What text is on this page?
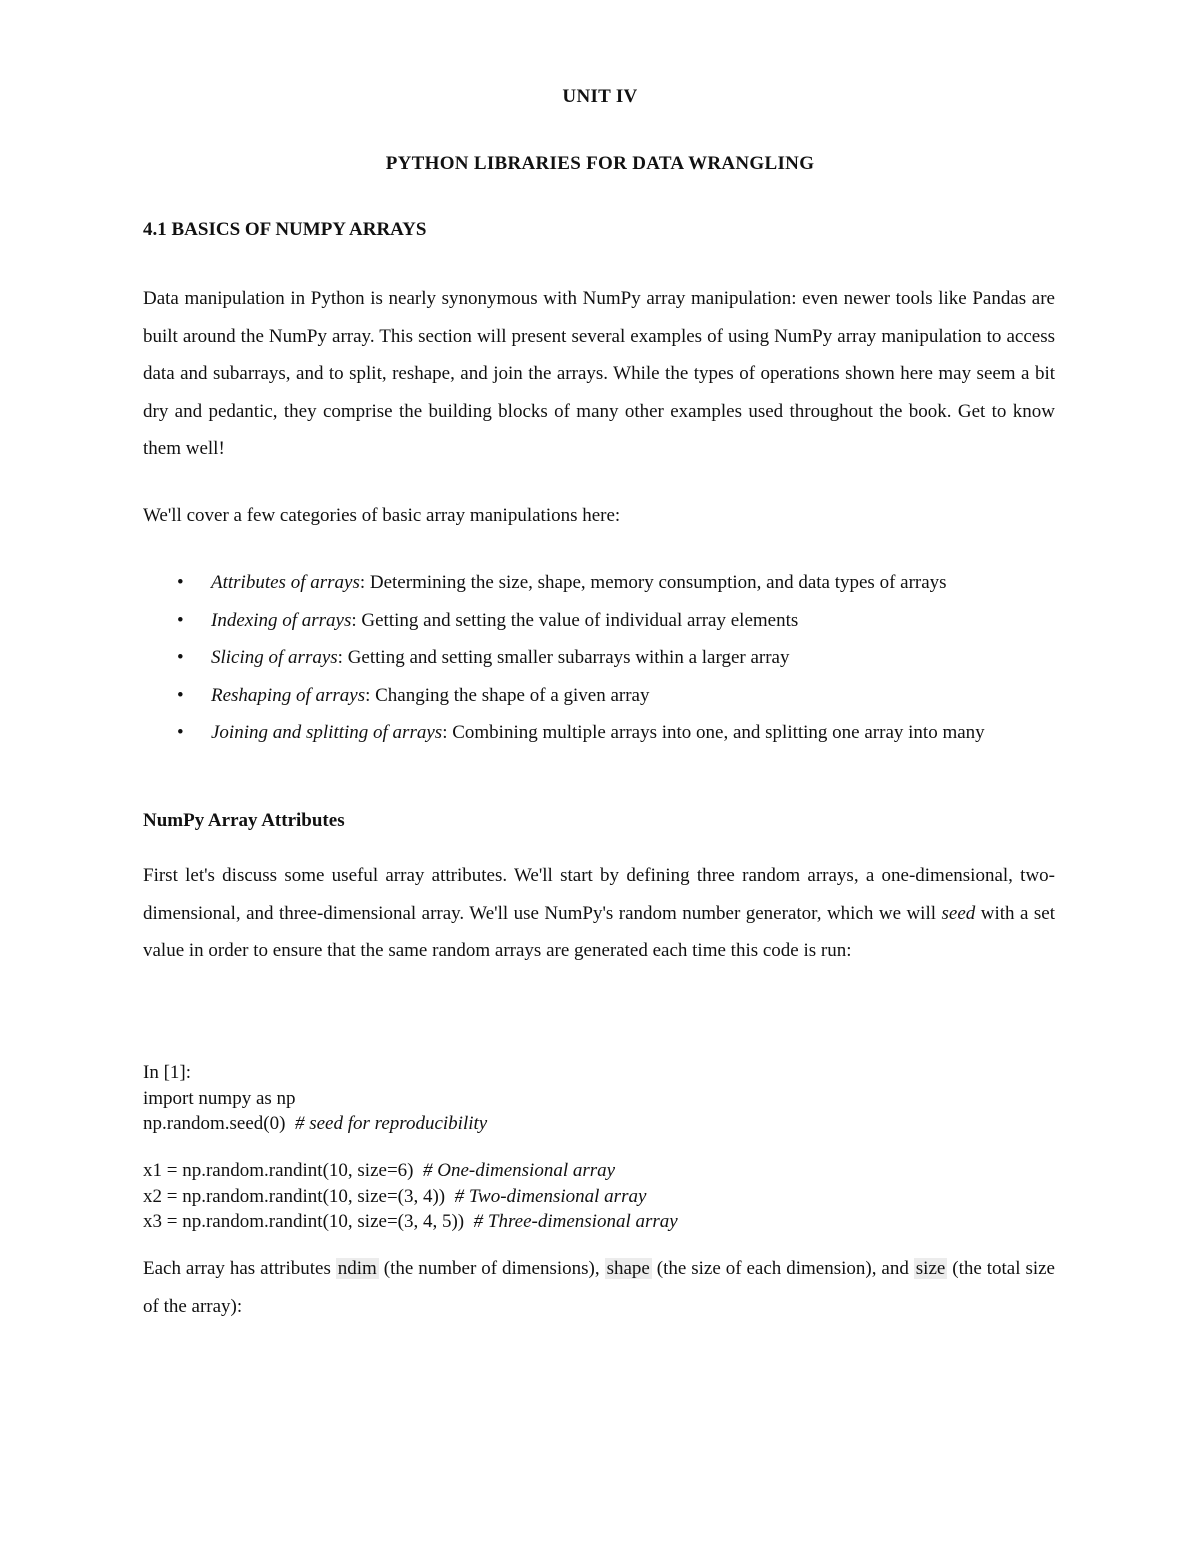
UNIT IV
PYTHON LIBRARIES FOR DATA WRANGLING
4.1 BASICS OF NUMPY ARRAYS

Data manipulation in Python is nearly synonymous with NumPy array manipulation: even newer tools like Pandas are built around the NumPy array. This section will present several examples of using NumPy array manipulation to access data and subarrays, and to split, reshape, and join the arrays. While the types of operations shown here may seem a bit dry and pedantic, they comprise the building blocks of many other examples used throughout the book. Get to know them well!

We'll cover a few categories of basic array manipulations here:

• Attributes of arrays: Determining the size, shape, memory consumption, and data types of arrays
• Indexing of arrays: Getting and setting the value of individual array elements
• Slicing of arrays: Getting and setting smaller subarrays within a larger array
• Reshaping of arrays: Changing the shape of a given array
• Joining and splitting of arrays: Combining multiple arrays into one, and splitting one array into many
NumPy Array Attributes

First let's discuss some useful array attributes. We'll start by defining three random arrays, a one-dimensional, two-dimensional, and three-dimensional array. We'll use NumPy's random number generator, which we will seed with a set value in order to ensure that the same random arrays are generated each time this code is run:

In [1]:
import numpy as np
np.random.seed(0)  # seed for reproducibility
x1 = np.random.randint(10, size=6)  # One-dimensional array
x2 = np.random.randint(10, size=(3, 4))  # Two-dimensional array
x3 = np.random.randint(10, size=(3, 4, 5))  # Three-dimensional array

Each array has attributes ndim (the number of dimensions), shape (the size of each dimension), and size (the total size of the array):
